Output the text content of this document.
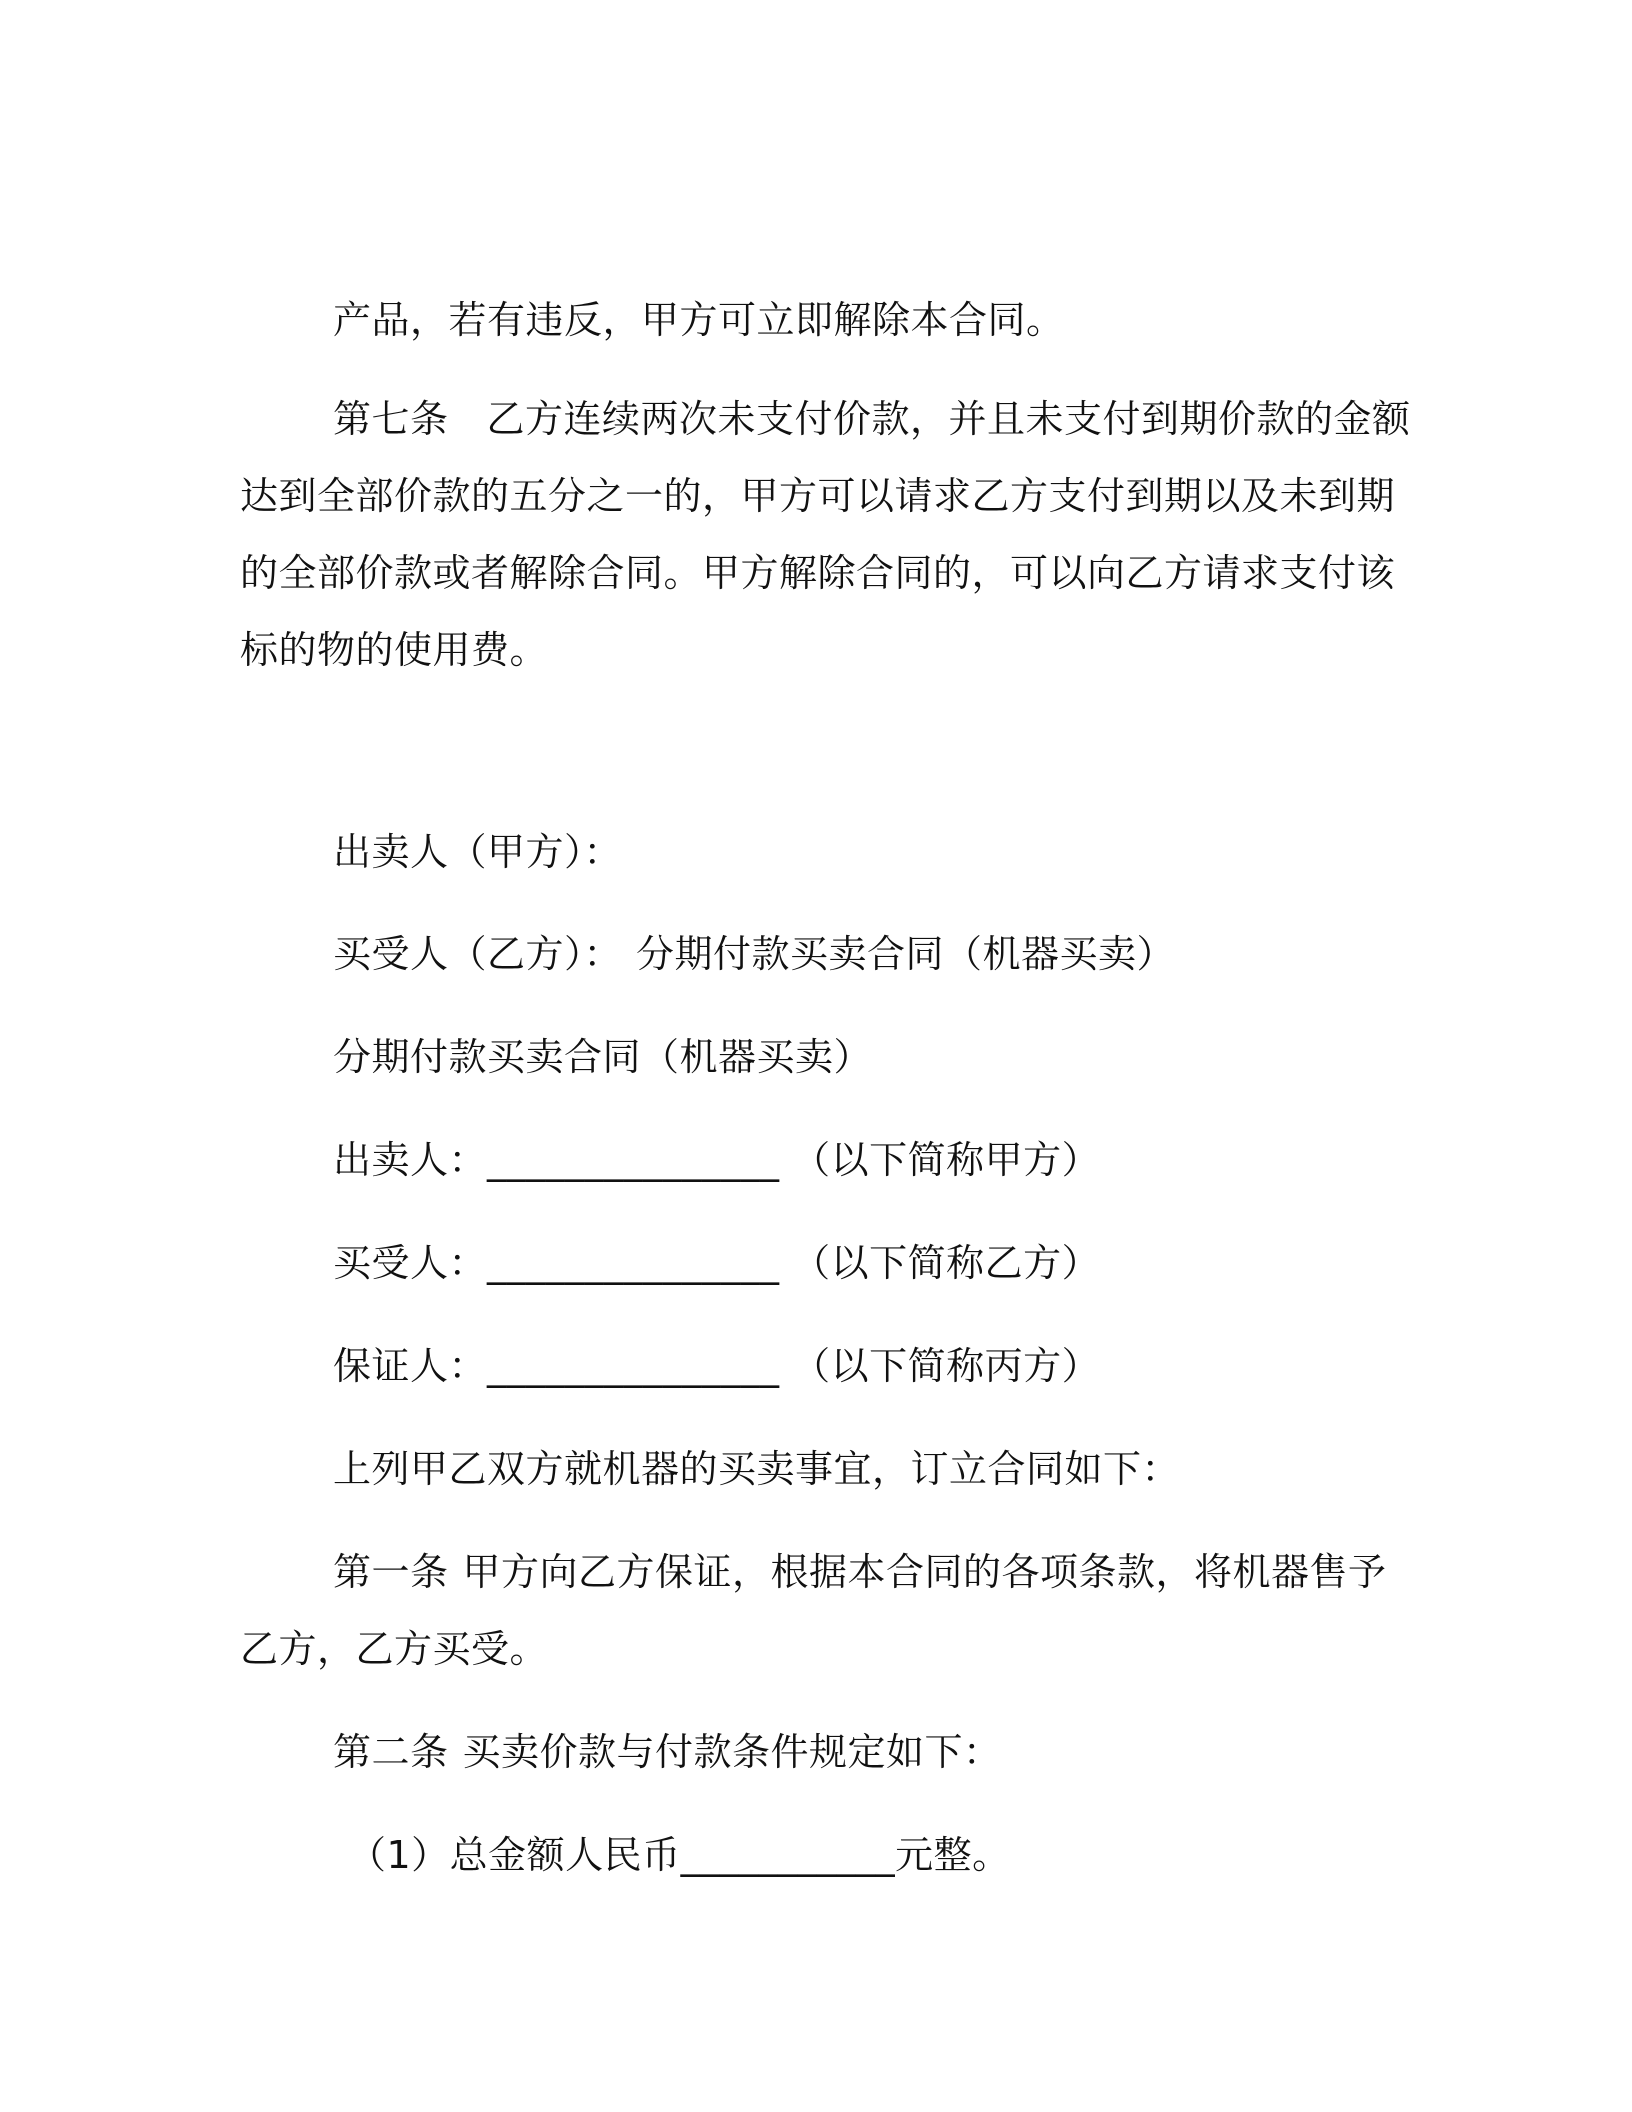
产品，若有违反，甲方可立即解除本合同。
第七条 乙方连续两次未支付价款，并且未支付到期价款的金额
达到全部价款的五分之一的，甲方可以请求乙方支付到期以及未到期
的全部价款或者解除合同。甲方解除合同的，可以向乙方请求支付该
标的物的使用费。
出卖人（甲方）：
买受人（乙方）： 分期付款买卖合同（机器买卖）
分期付款买卖合同（机器买卖）
出卖人：_______________ （以下简称甲方）
买受人：_______________ （以下简称乙方）
保证人：_______________ （以下简称丙方）
上列甲乙双方就机器的买卖事宜，订立合同如下：
第一条 甲方向乙方保证，根据本合同的各项条款，将机器售予
乙方，乙方买受。
第二条 买卖价款与付款条件规定如下：
（1）总金额人民币___________元整。
